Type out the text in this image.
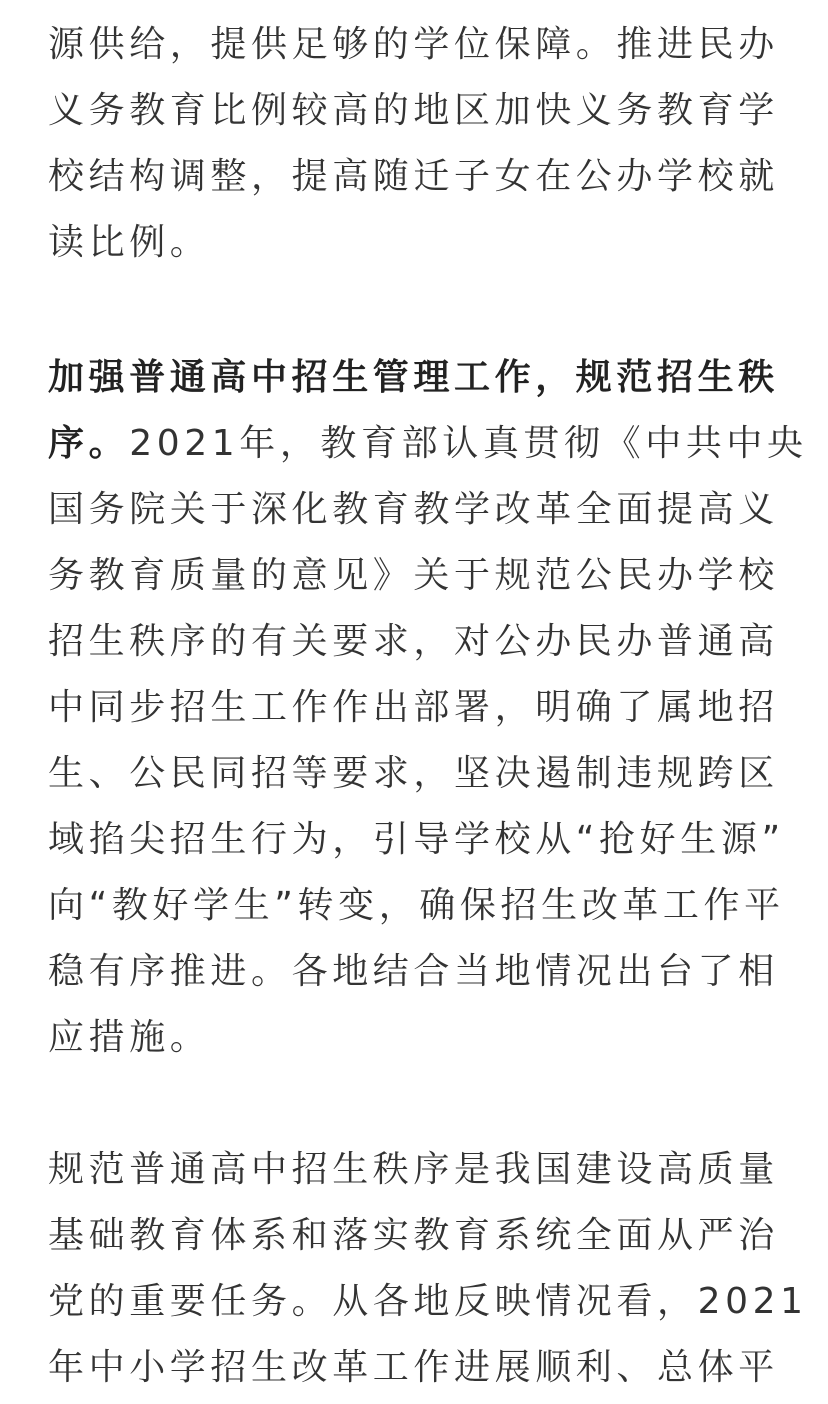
源供给，提供足够的学位保障。推进民办
义务教育比例较高的地区加快义务教育学
校结构调整，提高随迁子女在公办学校就
读比例。
加强普通高中招生管理工作，规范招生秩
序。2021年，教育部认真贯彻《中共中央
国务院关于深化教育教学改革全面提高义
务教育质量的意见》关于规范公民办学校
招生秩序的有关要求，对公办民办普通高
中同步招生工作作出部署，明确了属地招
生、公民同招等要求，坚决遏制违规跨区
域掐尖招生行为，引导学校从“抢好生源”
向“教好学生”转变，确保招生改革工作平
稳有序推进。各地结合当地情况出台了相
应措施。
规范普通高中招生秩序是我国建设高质量
基础教育体系和落实教育系统全面从严治
党的重要任务。从各地反映情况看，2021
年中小学招生改革工作进展顺利、总体平
